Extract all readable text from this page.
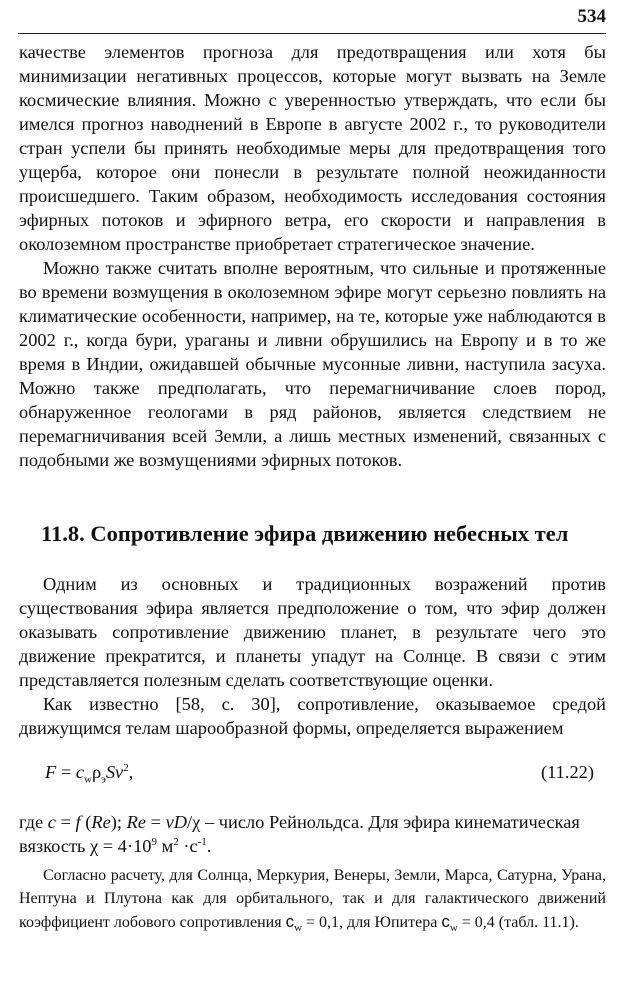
534

качестве элементов прогноза для предотвращения или хотя бы минимизации негативных процессов, которые могут вызвать на Земле космические влияния. Можно с уверенностью утверждать, что если бы имелся прогноз наводнений в Европе в августе 2002 г., то руководители стран успели бы принять необходимые меры для предотвращения того ущерба, которое они понесли в результате полной неожиданности происшедшего. Таким образом, необходимость исследования состояния эфирных потоков и эфирного ветра, его скорости и направления в околоземном пространстве приобретает стратегическое значение.

Можно также считать вполне вероятным, что сильные и протяженные во времени возмущения в околоземном эфире могут серьезно повлиять на климатические особенности, например, на те, которые уже наблюдаются в 2002 г., когда бури, ураганы и ливни обрушились на Европу и в то же время в Индии, ожидавшей обычные мусонные ливни, наступила засуха. Можно также предполагать, что перемагничивание слоев пород, обнаруженное геологами в ряд районов, является следствием не перемагничивания всей Земли, а лишь местных изменений, связанных с подобными же возмущениями эфирных потоков.

11.8. Сопротивление эфира движению небесных тел

Одним из основных и традиционных возражений против существования эфира является предположение о том, что эфир должен оказывать сопротивление движению планет, в результате чего это движение прекратится, и планеты упадут на Солнце. В связи с этим представляется полезным сделать соответствующие оценки.

Как известно [58, с. 30], сопротивление, оказываемое средой движущимся телам шарообразной формы, определяется выражением

$F = c_w\rho_эSv^2$,	(11.22)

где c = f (Re); Re = vD/χ – число Рейнольдса. Для эфира кинематическая
вязкость $\chi = 4\cdot 10^9$ $м^2 \cdot с^{-1}$.

Согласно расчету, для Солнца, Меркурия, Венеры, Земли, Марса, Сатурна, Урана, Нептуна и Плутона как для орбитального, так и для галактического движений коэффициент лобового сопротивления $c_w = 0,1$, для Юпитера $c_w = 0,4$ (табл. 11.1).
